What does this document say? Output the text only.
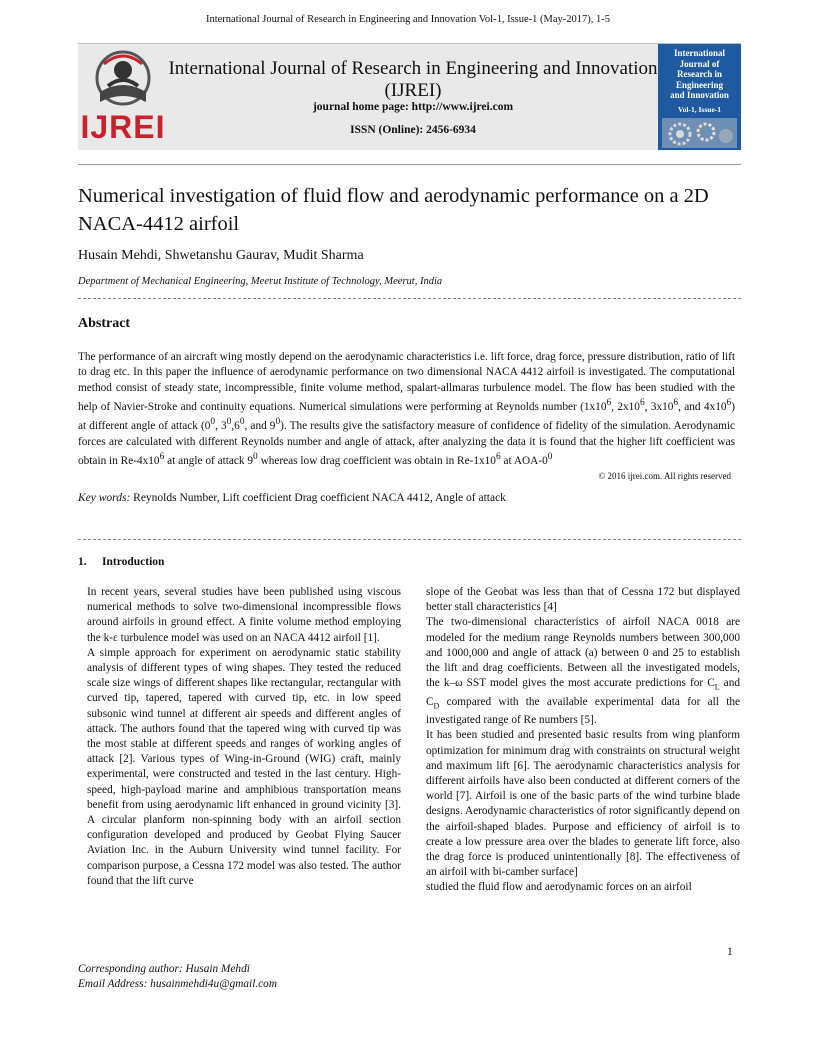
International Journal of Research in Engineering and Innovation Vol-1, Issue-1 (May-2017), 1-5
IJREI
International Journal of Research in Engineering and Innovation
(IJREI)
journal home page: http://www.ijrei.com
ISSN (Online): 2456-6934
International
Journal of
Research in
Engineering
and Innovation
Vol-1, Issue-1
Numerical investigation of fluid flow and aerodynamic performance on a 2D NACA-4412 airfoil
Husain Mehdi, Shwetanshu Gaurav, Mudit Sharma
Department of Mechanical Engineering, Meerut Institute of Technology, Meerut, India
Abstract
The performance of an aircraft wing mostly depend on the aerodynamic characteristics i.e. lift force, drag force, pressure distribution, ratio of lift to drag etc. In this paper the influence of aerodynamic performance on two dimensional NACA 4412 airfoil is investigated. The computational method consist of steady state, incompressible, finite volume method, spalart-allmaras turbulence model. The flow has been studied with the help of Navier-Stroke and continuity equations. Numerical simulations were performing at Reynolds number ($1x10^6$, $2x10^6$, $3x10^6$, and $4x10^6$) at different angle of attack ($0^0$, $3^0,6^0$, and $9^0$). The results give the satisfactory measure of confidence of fidelity of the simulation. Aerodynamic forces are calculated with different Reynolds number and angle of attack, after analyzing the data it is found that the higher lift coefficient was obtain in $Re-4x10^6$ at angle of attack $9^0$ whereas low drag coefficient was obtain in $Re-1x10^6$ at AOA-$0^0$
© 2016 ijrei.com. All rights reserved
Key words: Reynolds Number, Lift coefficient Drag coefficient NACA 4412, Angle of attack
1. Introduction

In recent years, several studies have been published using viscous numerical methods to solve two-dimensional incompressible flows around airfoils in ground effect. A finite volume method employing the k-ε turbulence model was used on an NACA 4412 airfoil [1].

A simple approach for experiment on aerodynamic static stability analysis of different types of wing shapes. They tested the reduced scale size wings of different shapes like rectangular, rectangular with curved tip, tapered, tapered with curved tip, etc. in low speed subsonic wind tunnel at different air speeds and different angles of attack. The authors found that the tapered wing with curved tip was the most stable at different speeds and ranges of working angles of attack [2]. Various types of Wing-in-Ground (WIG) craft, mainly experimental, were constructed and tested in the last century. High-speed, high-payload marine and amphibious transportation means benefit from using aerodynamic lift enhanced in ground vicinity [3]. A circular planform non-spinning body with an airfoil section configuration developed and produced by Geobat Flying Saucer Aviation Inc. in the Auburn University wind tunnel facility. For comparison purpose, a Cessna 172 model was also tested. The author found that the lift curve

slope of the Geobat was less than that of Cessna 172 but displayed better stall characteristics [4]

The two-dimensional characteristics of airfoil NACA 0018 are modeled for the medium range Reynolds numbers between 300,000 and 1000,000 and angle of attack (a) between 0 and 25 to establish the lift and drag coefficients. Between all the investigated models, the k–ω SST model gives the most accurate predictions for $C_L$ and $C_D$ compared with the available experimental data for all the investigated range of Re numbers [5].

It has been studied and presented basic results from wing planform optimization for minimum drag with constraints on structural weight and maximum lift [6]. The aerodynamic characteristics analysis for different airfoils have also been conducted at different corners of the world [7]. Airfoil is one of the basic parts of the wind turbine blade designs. Aerodynamic characteristics of rotor significantly depend on the airfoil-shaped blades. Purpose and efficiency of airfoil is to create a low pressure area over the blades to generate lift force, also the drag force is produced unintentionally [8]. The effectiveness of an airfoil with bi-camber surface]

studied the fluid flow and aerodynamic forces on an airfoil

1
Corresponding author: Husain Mehdi
Email Address: husainmehdi4u@gmail.com
